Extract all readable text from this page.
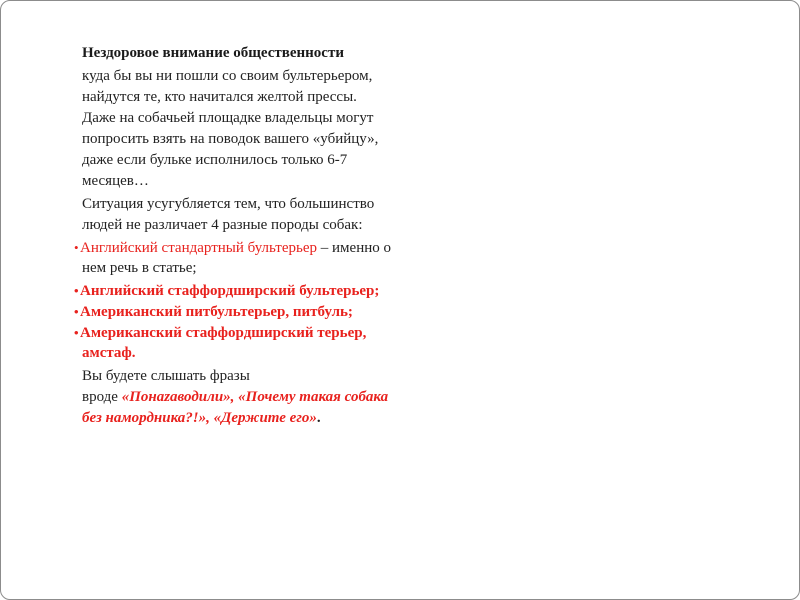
Нездоровое внимание общественности
куда бы вы ни пошли со своим бультерьером,
найдутся те, кто начитался желтой прессы.
Даже на собачьей площадке владельцы могут
попросить взять на поводок вашего «убийцу»,
даже если бульке исполнилось только 6-7
месяцев…
Ситуация усугубляется тем, что большинство
людей не различает 4 разные породы собак:
•Английский стандартный бультерьер – именно о
нем речь в статье;
•Английский стаффордширский бультерьер;
•Американский питбультерьер, питбуль;
•Американский стаффордширский терьер,
амстаф.
Вы будете слышать фразы
вроде «Понazaводили», «Почему такая собака
без намордника?!», «Держите его».
